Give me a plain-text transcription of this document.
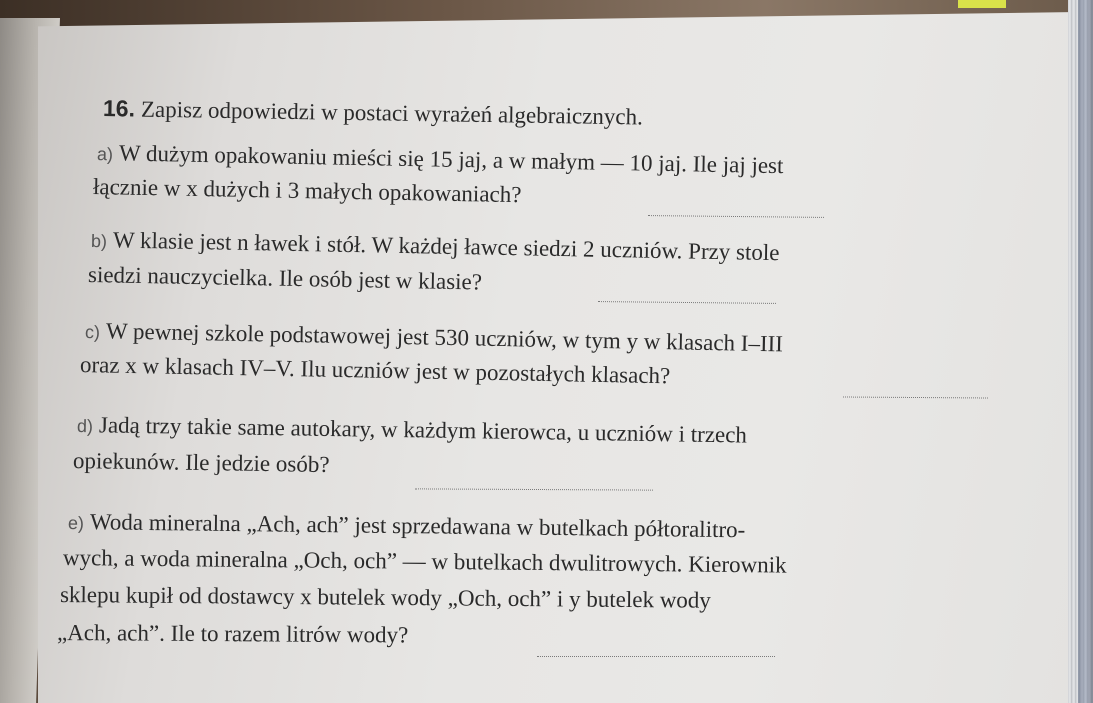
16. Zapisz odpowiedzi w postaci wyrażeń algebraicznych.
a) W dużym opakowaniu mieści się 15 jaj, a w małym — 10 jaj. Ile jaj jest
łącznie w x dużych i 3 małych opakowaniach?
b) W klasie jest n ławek i stół. W każdej ławce siedzi 2 uczniów. Przy stole
siedzi nauczycielka. Ile osób jest w klasie?
c) W pewnej szkole podstawowej jest 530 uczniów, w tym y w klasach I–III
oraz x w klasach IV–V. Ilu uczniów jest w pozostałych klasach?
d) Jadą trzy takie same autokary, w każdym kierowca, u uczniów i trzech
opiekunów. Ile jedzie osób?
e) Woda mineralna „Ach, ach” jest sprzedawana w butelkach półtoralitro-
wych, a woda mineralna „Och, och” — w butelkach dwulitrowych. Kierownik
sklepu kupił od dostawcy x butelek wody „Och, och” i y butelek wody
„Ach, ach”. Ile to razem litrów wody?
